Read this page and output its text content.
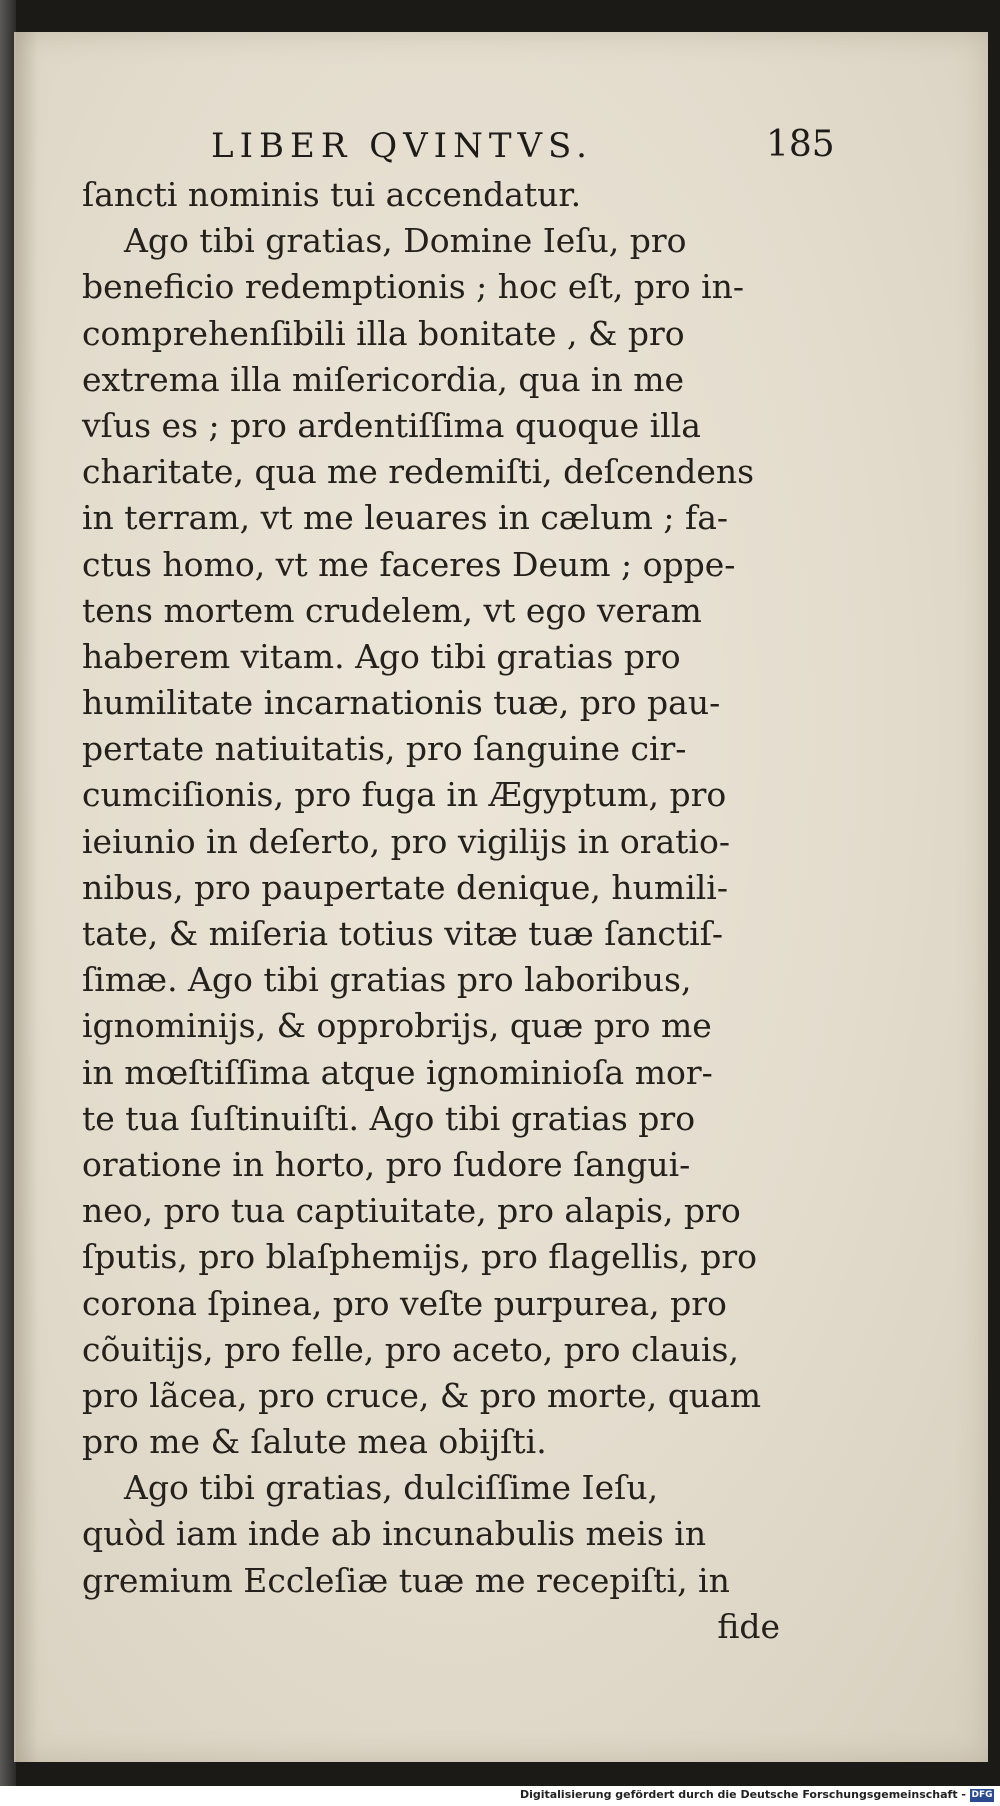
LIBER QVINTVS.	185
ſancti nominis tui accendatur.
Ago tibi gratias, Domine Ieſu, pro
beneficio redemptionis ; hoc eſt, pro in-
comprehenſibili illa bonitate , & pro
extrema illa miſericordia, qua in me
vſus es ; pro ardentiſſima quoque illa
charitate, qua me redemiſti, deſcendens
in terram, vt me leuares in cælum ; fa-
ctus homo, vt me faceres Deum ; oppe-
tens mortem crudelem, vt ego veram
haberem vitam. Ago tibi gratias pro
humilitate incarnationis tuæ, pro pau-
pertate natiuitatis, pro ſanguine cir-
cumciſionis, pro fuga in Ægyptum, pro
ieiunio in deſerto, pro vigilijs in oratio-
nibus, pro paupertate denique, humili-
tate, & miſeria totius vitæ tuæ ſanctiſ-
ſimæ. Ago tibi gratias pro laboribus,
ignominijs, & opprobrijs, quæ pro me
in mœſtiſſima atque ignominioſa mor-
te tua ſuſtinuiſti. Ago tibi gratias pro
oratione in horto, pro ſudore ſangui-
neo, pro tua captiuitate, pro alapis, pro
ſputis, pro blaſphemijs, pro flagellis, pro
corona ſpinea, pro veſte purpurea, pro
cõuitijs, pro felle, pro aceto, pro clauis,
pro lãcea, pro cruce, & pro morte, quam
pro me & ſalute mea obijſti.
Ago tibi gratias, dulciſſime Ieſu,
quòd iam inde ab incunabulis meis in
gremium Eccleſiæ tuæ me recepiſti, in
fide
Digitalisierung gefördert durch die Deutsche Forschungsgemeinschaft - DFG
